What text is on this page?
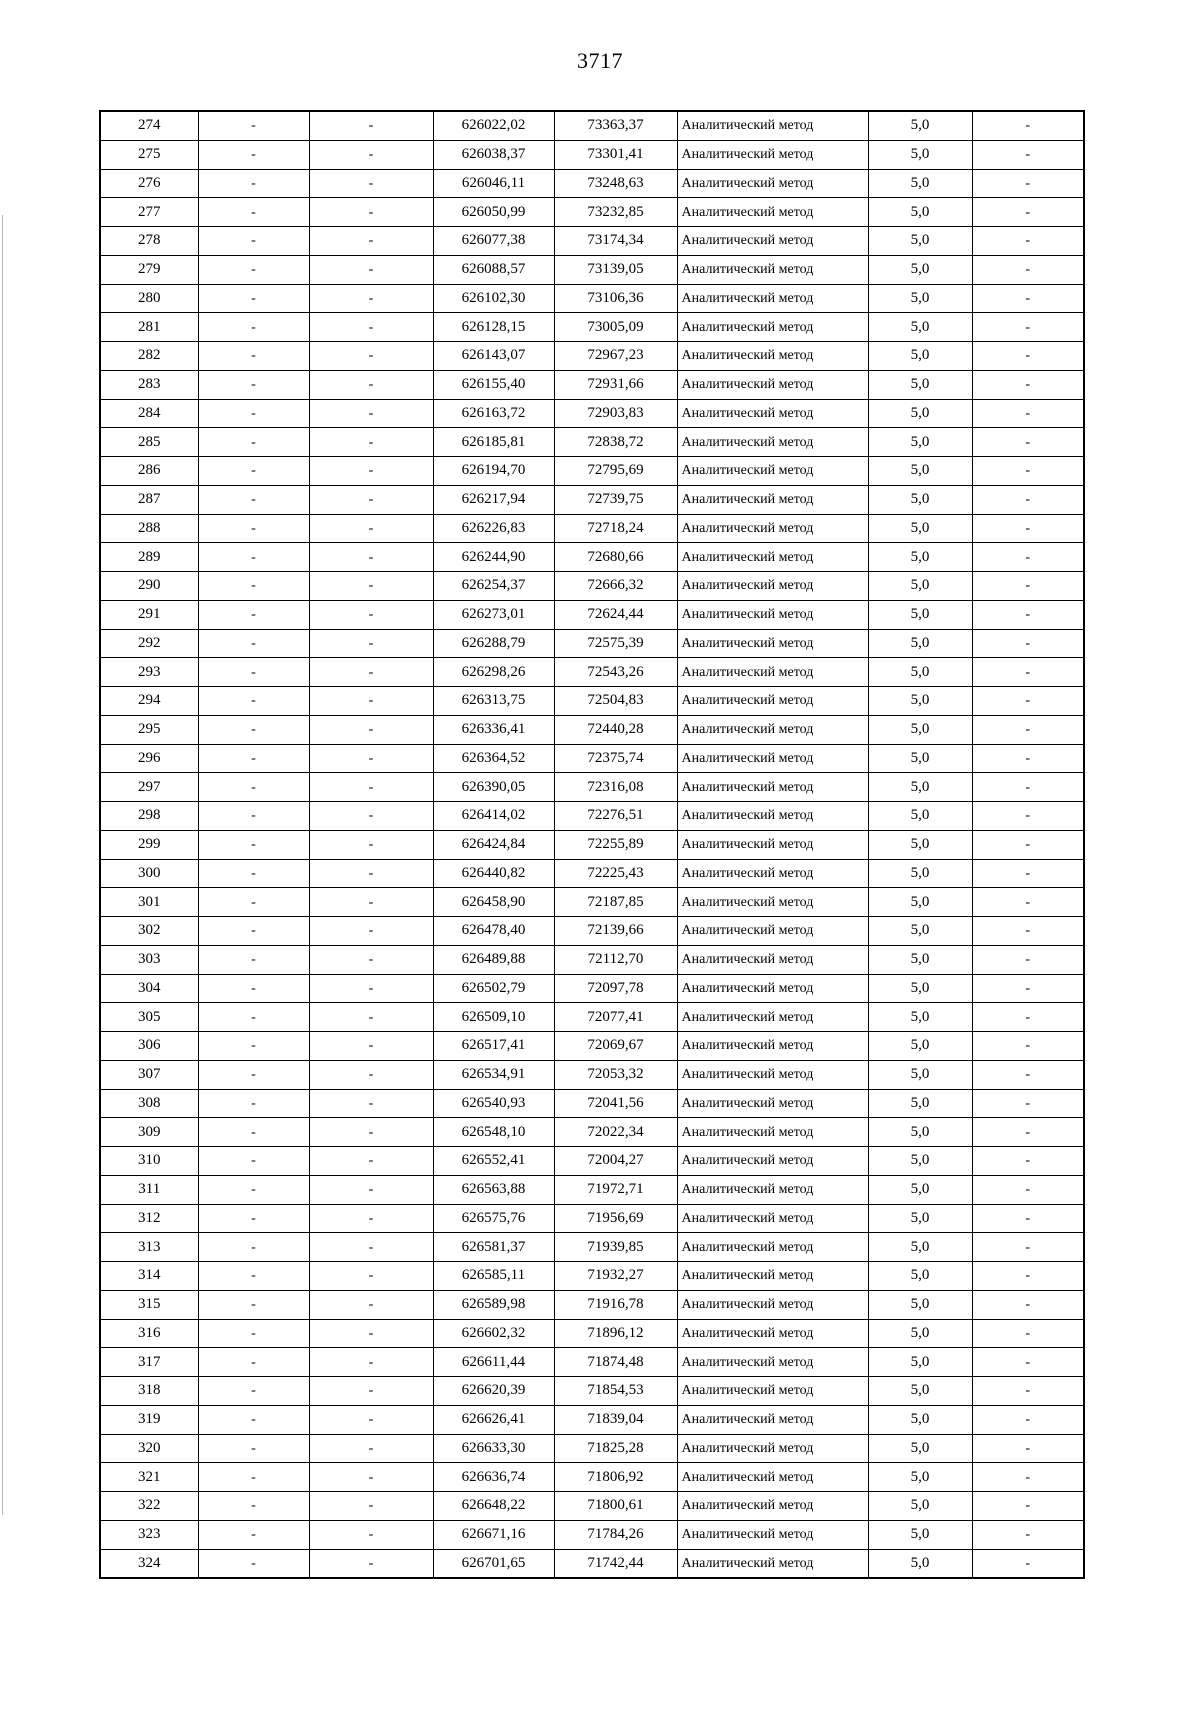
3717
274	-	-	626022,02	73363,37	Аналитический метод	5,0	-
275	-	-	626038,37	73301,41	Аналитический метод	5,0	-
276	-	-	626046,11	73248,63	Аналитический метод	5,0	-
277	-	-	626050,99	73232,85	Аналитический метод	5,0	-
278	-	-	626077,38	73174,34	Аналитический метод	5,0	-
279	-	-	626088,57	73139,05	Аналитический метод	5,0	-
280	-	-	626102,30	73106,36	Аналитический метод	5,0	-
281	-	-	626128,15	73005,09	Аналитический метод	5,0	-
282	-	-	626143,07	72967,23	Аналитический метод	5,0	-
283	-	-	626155,40	72931,66	Аналитический метод	5,0	-
284	-	-	626163,72	72903,83	Аналитический метод	5,0	-
285	-	-	626185,81	72838,72	Аналитический метод	5,0	-
286	-	-	626194,70	72795,69	Аналитический метод	5,0	-
287	-	-	626217,94	72739,75	Аналитический метод	5,0	-
288	-	-	626226,83	72718,24	Аналитический метод	5,0	-
289	-	-	626244,90	72680,66	Аналитический метод	5,0	-
290	-	-	626254,37	72666,32	Аналитический метод	5,0	-
291	-	-	626273,01	72624,44	Аналитический метод	5,0	-
292	-	-	626288,79	72575,39	Аналитический метод	5,0	-
293	-	-	626298,26	72543,26	Аналитический метод	5,0	-
294	-	-	626313,75	72504,83	Аналитический метод	5,0	-
295	-	-	626336,41	72440,28	Аналитический метод	5,0	-
296	-	-	626364,52	72375,74	Аналитический метод	5,0	-
297	-	-	626390,05	72316,08	Аналитический метод	5,0	-
298	-	-	626414,02	72276,51	Аналитический метод	5,0	-
299	-	-	626424,84	72255,89	Аналитический метод	5,0	-
300	-	-	626440,82	72225,43	Аналитический метод	5,0	-
301	-	-	626458,90	72187,85	Аналитический метод	5,0	-
302	-	-	626478,40	72139,66	Аналитический метод	5,0	-
303	-	-	626489,88	72112,70	Аналитический метод	5,0	-
304	-	-	626502,79	72097,78	Аналитический метод	5,0	-
305	-	-	626509,10	72077,41	Аналитический метод	5,0	-
306	-	-	626517,41	72069,67	Аналитический метод	5,0	-
307	-	-	626534,91	72053,32	Аналитический метод	5,0	-
308	-	-	626540,93	72041,56	Аналитический метод	5,0	-
309	-	-	626548,10	72022,34	Аналитический метод	5,0	-
310	-	-	626552,41	72004,27	Аналитический метод	5,0	-
311	-	-	626563,88	71972,71	Аналитический метод	5,0	-
312	-	-	626575,76	71956,69	Аналитический метод	5,0	-
313	-	-	626581,37	71939,85	Аналитический метод	5,0	-
314	-	-	626585,11	71932,27	Аналитический метод	5,0	-
315	-	-	626589,98	71916,78	Аналитический метод	5,0	-
316	-	-	626602,32	71896,12	Аналитический метод	5,0	-
317	-	-	626611,44	71874,48	Аналитический метод	5,0	-
318	-	-	626620,39	71854,53	Аналитический метод	5,0	-
319	-	-	626626,41	71839,04	Аналитический метод	5,0	-
320	-	-	626633,30	71825,28	Аналитический метод	5,0	-
321	-	-	626636,74	71806,92	Аналитический метод	5,0	-
322	-	-	626648,22	71800,61	Аналитический метод	5,0	-
323	-	-	626671,16	71784,26	Аналитический метод	5,0	-
324	-	-	626701,65	71742,44	Аналитический метод	5,0	-
